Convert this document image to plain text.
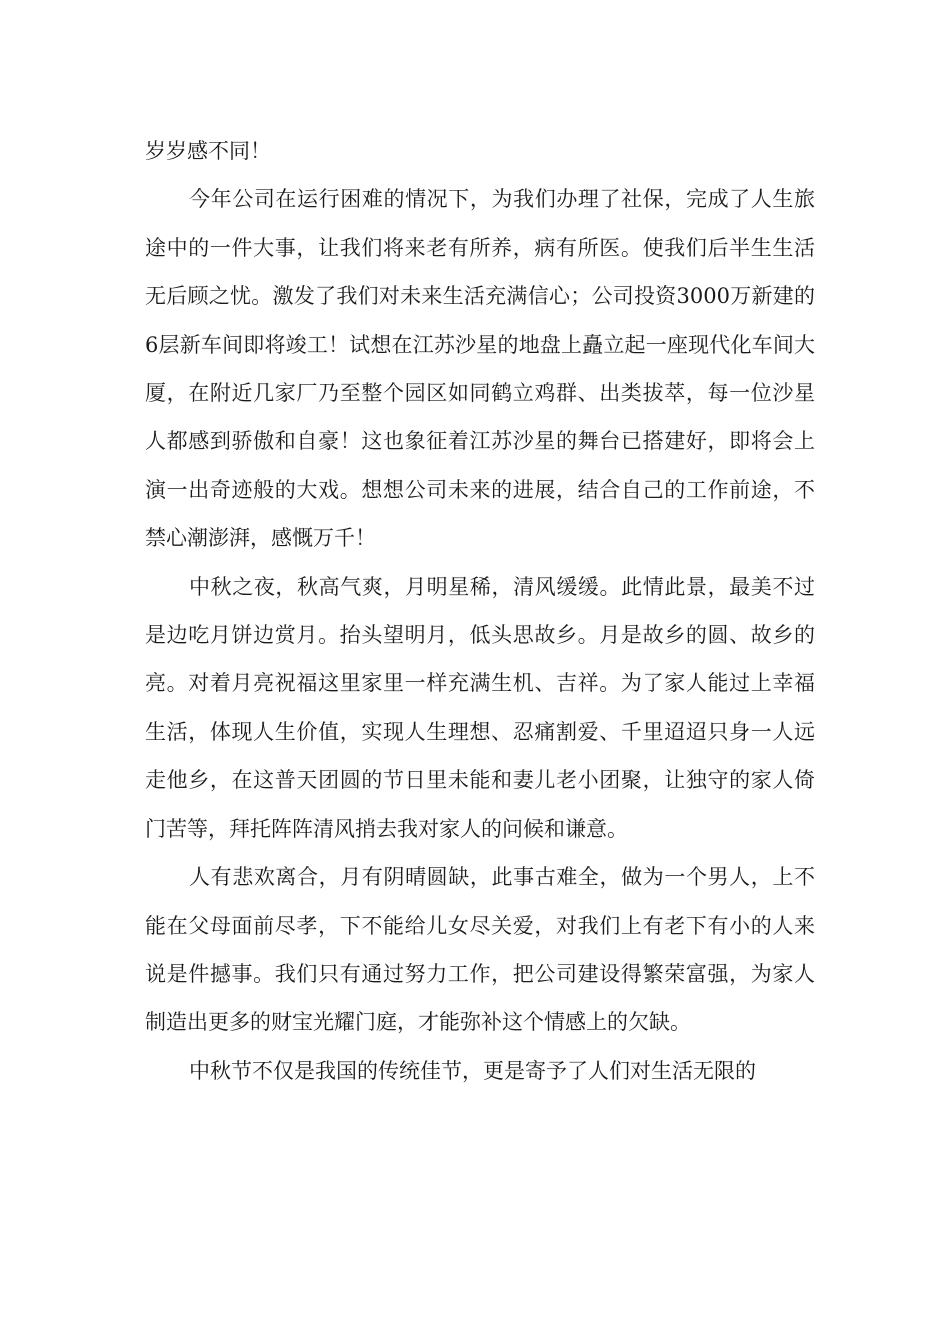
岁岁感不同！

今年公司在运行困难的情况下，为我们办理了社保，完成了人生旅途中的一件大事，让我们将来老有所养，病有所医。使我们后半生生活无后顾之忧。激发了我们对未来生活充满信心；公司投资3000万新建的6层新车间即将竣工！试想在江苏沙星的地盘上矗立起一座现代化车间大厦，在附近几家厂乃至整个园区如同鹤立鸡群、出类拔萃，每一位沙星人都感到骄傲和自豪！这也象征着江苏沙星的舞台已搭建好，即将会上演一出奇迹般的大戏。想想公司未来的进展，结合自己的工作前途，不禁心潮澎湃，感慨万千！

中秋之夜，秋高气爽，月明星稀，清风缓缓。此情此景，最美不过是边吃月饼边赏月。抬头望明月，低头思故乡。月是故乡的圆、故乡的亮。对着月亮祝福这里家里一样充满生机、吉祥。为了家人能过上幸福生活，体现人生价值，实现人生理想、忍痛割爱、千里迢迢只身一人远走他乡，在这普天团圆的节日里未能和妻儿老小团聚，让独守的家人倚门苦等，拜托阵阵清风捎去我对家人的问候和谦意。

人有悲欢离合，月有阴晴圆缺，此事古难全，做为一个男人，上不能在父母面前尽孝，下不能给儿女尽关爱，对我们上有老下有小的人来说是件撼事。我们只有通过努力工作，把公司建设得繁荣富强，为家人制造出更多的财宝光耀门庭，才能弥补这个情感上的欠缺。

中秋节不仅是我国的传统佳节，更是寄予了人们对生活无限的
